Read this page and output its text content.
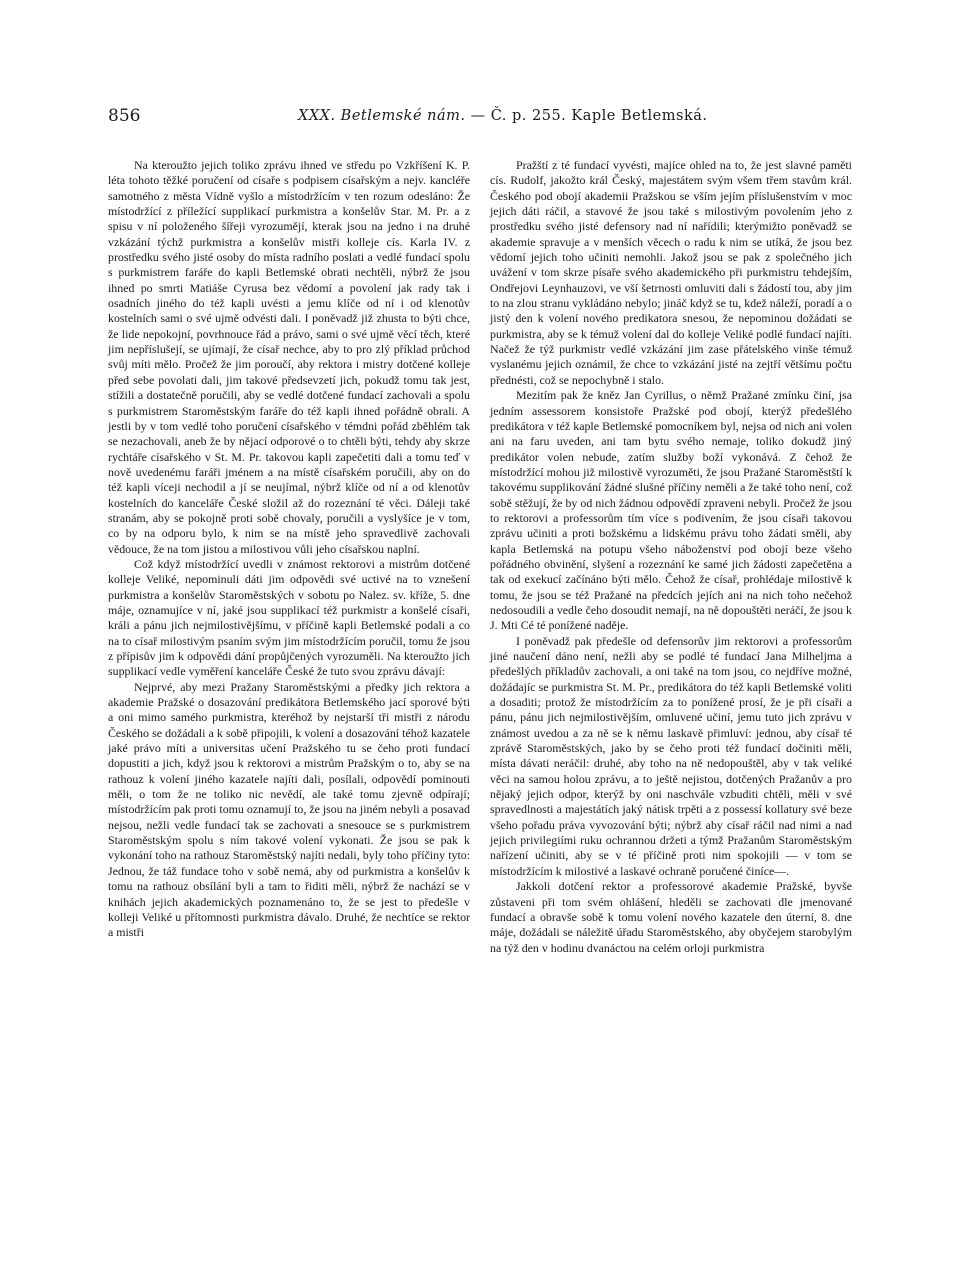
856	XXX. Betlemské nám. — Č. p. 255. Kaple Betlemská.

Na kteroužto jejich toliko zprávu ihned ve středu po Vzkříšení K. P. léta tohoto těžké poručení od císaře s podpisem císařským a nejv. kancléře samotného z města Vídně vyšlo a místodržícím v ten rozum odesláno: Že místodržící z příležící supplikací purkmistra a konšelův Star. M. Pr. a z spisu v ní položeného šířeji vyrozumějí, kterak jsou na jedno i na druhé vzkázání týchž purkmistra a konšelův mistři kolleje cís. Karla IV. z prostředku svého jisté osoby do místa radního poslati a vedlé fundací spolu s purkmistrem faráře do kapli Betlemské obrati nechtěli, nýbrž že jsou ihned po smrti Matiáše Cyrusa bez vědomí a povolení jak rady tak i osadních jiného do též kapli uvésti a jemu klíče od ní i od klenotův kostelních sami o své ujmě odvésti dali. I poněvadž již zhusta to býti chce, že lide nepokojní, povrhnouce řád a právo, sami o své ujmě věcí těch, které jim nepříslušejí, se ujímají, že císař nechce, aby to pro zlý příklad průchod svůj míti mělo. Pročež že jim poroučí, aby rektora i mistry dotčené kolleje před sebe povolati dali, jim takové předsevzetí jich, pokudž tomu tak jest, stížili a dostatečně poručili, aby se vedlé dotčené fundací zachovali a spolu s purkmistrem Staroměstským faráře do též kapli ihned pořádně obrali. A jestli by v tom vedlé toho poručení císařského v témdni pořád zběhlém tak se nezachovali, aneb že by nějací odporové o to chtěli býti, tehdy aby skrze rychtáře císařského v St. M. Pr. takovou kapli zapečetiti dali a tomu teď v nově uvedenému faráři jménem a na místě císařském poručili, aby on do též kapli víceji nechodil a jí se neujímal, nýbrž klíče od ní a od klenotův kostelních do kanceláře České složil až do rozeznání té věci. Dáleji také stranám, aby se pokojně proti sobě chovaly, poručili a vyslyšíce je v tom, co by na odporu bylo, k nim se na místě jeho spravedlivě zachovali vědouce, že na tom jistou a milostivou vůli jeho císařskou naplní.

Což když místodržící uvedli v známost rektorovi a mistrům dotčené kolleje Veliké, nepominuli dáti jim odpovědi své uctivé na to vznešení purkmistra a konšelův Staroměstských v sobotu po Nalez. sv. kříže, 5. dne máje, oznamujíce v ní, jaké jsou supplikací též purkmistr a konšelé císaři, králi a pánu jich nejmilostivějšímu, v příčině kapli Betlemské podali a co na to císař milostivým psaním svým jim místodržícím poručil, tomu že jsou z přípisův jim k odpovědi dání propůjčených vyrozuměli. Na kteroužto jich supplikací vedle vyměření kanceláře České že tuto svou zprávu dávají:

Nejprvé, aby mezi Pražany Staroměstskými a předky jich rektora a akademie Pražské o dosazování predikátora Betlemského jací sporové býti a oni mimo samého purkmistra, kteréhož by nejstarší tři mistři z národu Českého se dožádali a k sobě připojili, k volení a dosazování téhož kazatele jaké právo míti a universitas učení Pražského tu se čeho proti fundací dopustiti a jich, když jsou k rektorovi a mistrům Pražským o to, aby se na rathouz k volení jiného kazatele najíti dali, posílali, odpovědí pominouti měli, o tom že ne toliko nic nevědí, ale také tomu zjevně odpírají; místodržícím pak proti tomu oznamují to, že jsou na jiném nebyli a posavad nejsou, nežli vedle fundací tak se zachovati a snesouce se s purkmistrem Staroměstským spolu s ním takové volení vykonati. Že jsou se pak k vykonání toho na rathouz Staroměstský najíti nedali, byly toho příčiny tyto: Jednou, že táž fundace toho v sobě nemá, aby od purkmistra a konšelův k tomu na rathouz obsílání byli a tam to řiditi měli, nýbrž že nachází se v knihách jejich akademických poznamenáno to, že se jest to předešle v kolleji Veliké u přítomnosti purkmistra dávalo. Druhé, že nechtíce se rektor a mistři

Pražští z té fundací vyvésti, majíce ohled na to, že jest slavné paměti cís. Rudolf, jakožto král Český, majestátem svým všem třem stavům král. Českého pod obojí akademii Pražskou se vším jejím příslušenstvím v moc jejich dáti ráčil, a stavové že jsou také s milostivým povolením jeho z prostředku svého jisté defensory nad ní nařídili; kterýmižto poněvadž se akademie spravuje a v menších věcech o radu k nim se utíká, že jsou bez vědomí jejich toho učiniti nemohli. Jakož jsou se pak z společného jich uvážení v tom skrze písaře svého akademického při purkmistru tehdejším, Ondřejovi Leynhauzovi, ve vší šetrnosti omluviti dali s žádostí tou, aby jim to na zlou stranu vykládáno nebylo; jináč když se tu, kdež náleží, poradí a o jistý den k volení nového predikatora snesou, že nepominou dožádati se purkmistra, aby se k témuž volení dal do kolleje Veliké podlé fundací najíti. Načež že týž purkmistr vedlé vzkázání jim zase přátelského vinše témuž vyslanému jejich oznámil, že chce to vzkázání jisté na zejtří většímu počtu přednésti, což se nepochybně i stalo.

Mezitím pak že kněz Jan Cyrillus, o němž Pražané zmínku činí, jsa jedním assessorem konsistoře Pražské pod obojí, kterýž předešlého predikátora v též kaple Betlemské pomocníkem byl, nejsa od nich ani volen ani na faru uveden, ani tam bytu svého nemaje, toliko dokudž jiný predikátor volen nebude, zatím služby boží vykonává. Z čehož že místodržící mohou již milostivě vyrozuměti, že jsou Pražané Staroměstští k takovému supplikování žádné slušné příčiny neměli a že také toho není, což sobě stěžují, že by od nich žádnou odpovědí zpraveni nebyli. Pročež že jsou to rektorovi a professorům tím více s podivením, že jsou císaři takovou zprávu učiniti a proti božskému a lidskému právu toho žádati směli, aby kapla Betlemská na potupu všeho náboženství pod obojí beze všeho pořádného obvinění, slyšení a rozeznání ke samé jich žádosti zapečetěna a tak od exekucí začínáno býti mělo. Čehož že císař, prohlédaje milostivě k tomu, že jsou se též Pražané na předcích jejích ani na nich toho nečehož nedosoudili a vedle čeho dosoudit nemají, na ně dopouštěti neráčí, že jsou k J. Mti Cé té ponížené naděje.

I poněvadž pak předešle od defensorův jim rektorovi a professorům jiné naučení dáno není, nežli aby se podlé té fundací Jana Milheljma a předešlých příkladův zachovali, a oni také na tom jsou, co nejdříve možné, dožádajíc se purkmistra St. M. Pr., predikátora do též kapli Betlemské voliti a dosaditi; protož že místodržícím za to ponížené prosí, že je při císaři a pánu, pánu jich nejmilostivějším, omluvené učiní, jemu tuto jich zprávu v známost uvedou a za ně se k němu laskavě přimluví: jednou, aby císař té zprávě Staroměstských, jako by se čeho proti též fundací dočiniti měli, místa dávati neráčil: druhé, aby toho na ně nedopouštěl, aby v tak veliké věci na samou holou zprávu, a to ještě nejistou, dotčených Pražanův a pro nějaký jejich odpor, kterýž by oni naschvále vzbuditi chtěli, měli v své spravedlnosti a majestátích jaký nátisk trpěti a z possessí kollatury své beze všeho pořadu práva vyvozování býti; nýbrž aby císař ráčil nad nimi a nad jejich privilegiími ruku ochrannou držeti a týmž Pražanům Staroměstským nařízení učiniti, aby se v té příčině proti nim spokojili — v tom se místodržícím k milostivé a laskavé ochraně poručené činíce—.

Jakkoli dotčení rektor a professorové akademie Pražské, byvše zůstaveni při tom svém ohlášení, hleděli se zachovati dle jmenované fundací a obravše sobě k tomu volení nového kazatele den úterní, 8. dne máje, dožádali se náležitě úřadu Staroměstského, aby obyčejem starobylým na týž den v hodinu dvanáctou na celém orloji purkmistra
